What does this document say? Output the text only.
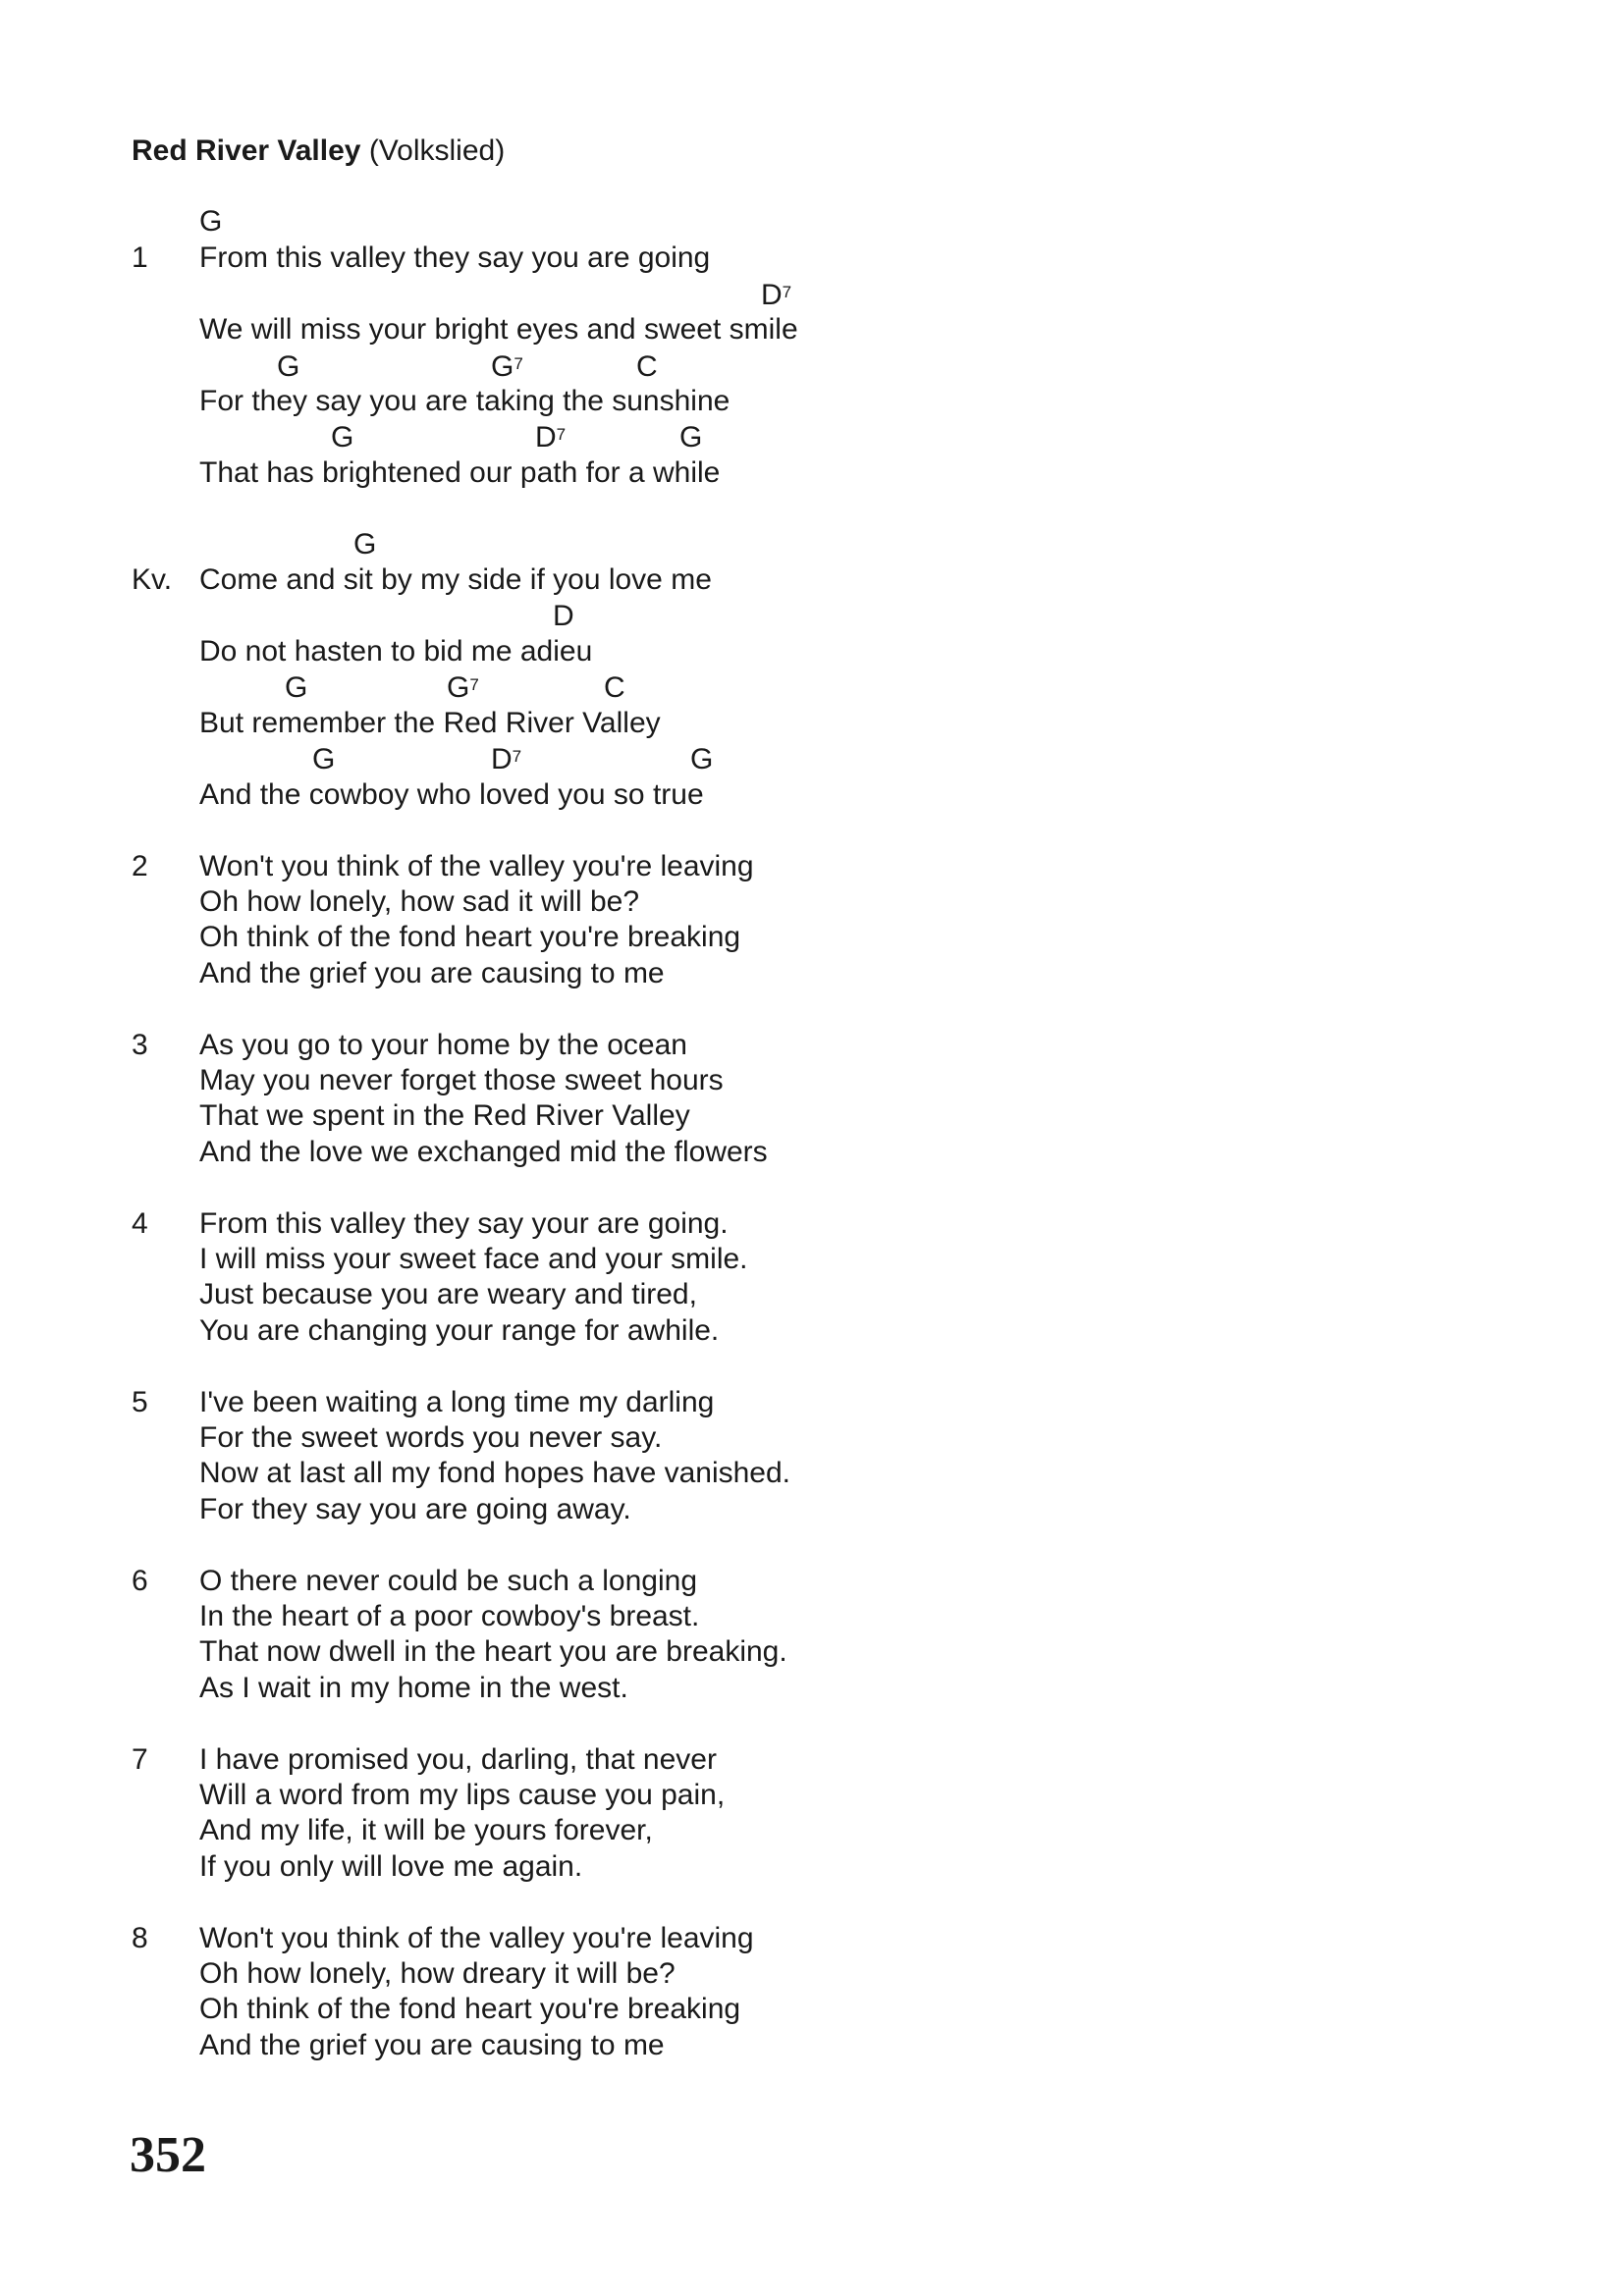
Red River Valley (Volkslied)
G
1 From this valley they say you are going
$D^7$
We will miss your bright eyes and sweet smile
G	$G^7$	C
For they say you are taking the sunshine
G	$D^7$	G
That has brightened our path for a while
G
Kv. Come and sit by my side if you love me
D
Do not hasten to bid me adieu
G	$G^7$	C
But remember the Red River Valley
G	$D^7$	G
And the cowboy who loved you so true
2 Won't you think of the valley you're leaving
Oh how lonely, how sad it will be?
Oh think of the fond heart you're breaking
And the grief you are causing to me
3 As you go to your home by the ocean
May you never forget those sweet hours
That we spent in the Red River Valley
And the love we exchanged mid the flowers
4 From this valley they say your are going.
I will miss your sweet face and your smile.
Just because you are weary and tired,
You are changing your range for awhile.
5 I've been waiting a long time my darling
For the sweet words you never say.
Now at last all my fond hopes have vanished.
For they say you are going away.
6 O there never could be such a longing
In the heart of a poor cowboy's breast.
That now dwell in the heart you are breaking.
As I wait in my home in the west.
7 I have promised you, darling, that never
Will a word from my lips cause you pain,
And my life, it will be yours forever,
If you only will love me again.
8 Won't you think of the valley you're leaving
Oh how lonely, how dreary it will be?
Oh think of the fond heart you're breaking
And the grief you are causing to me
352
